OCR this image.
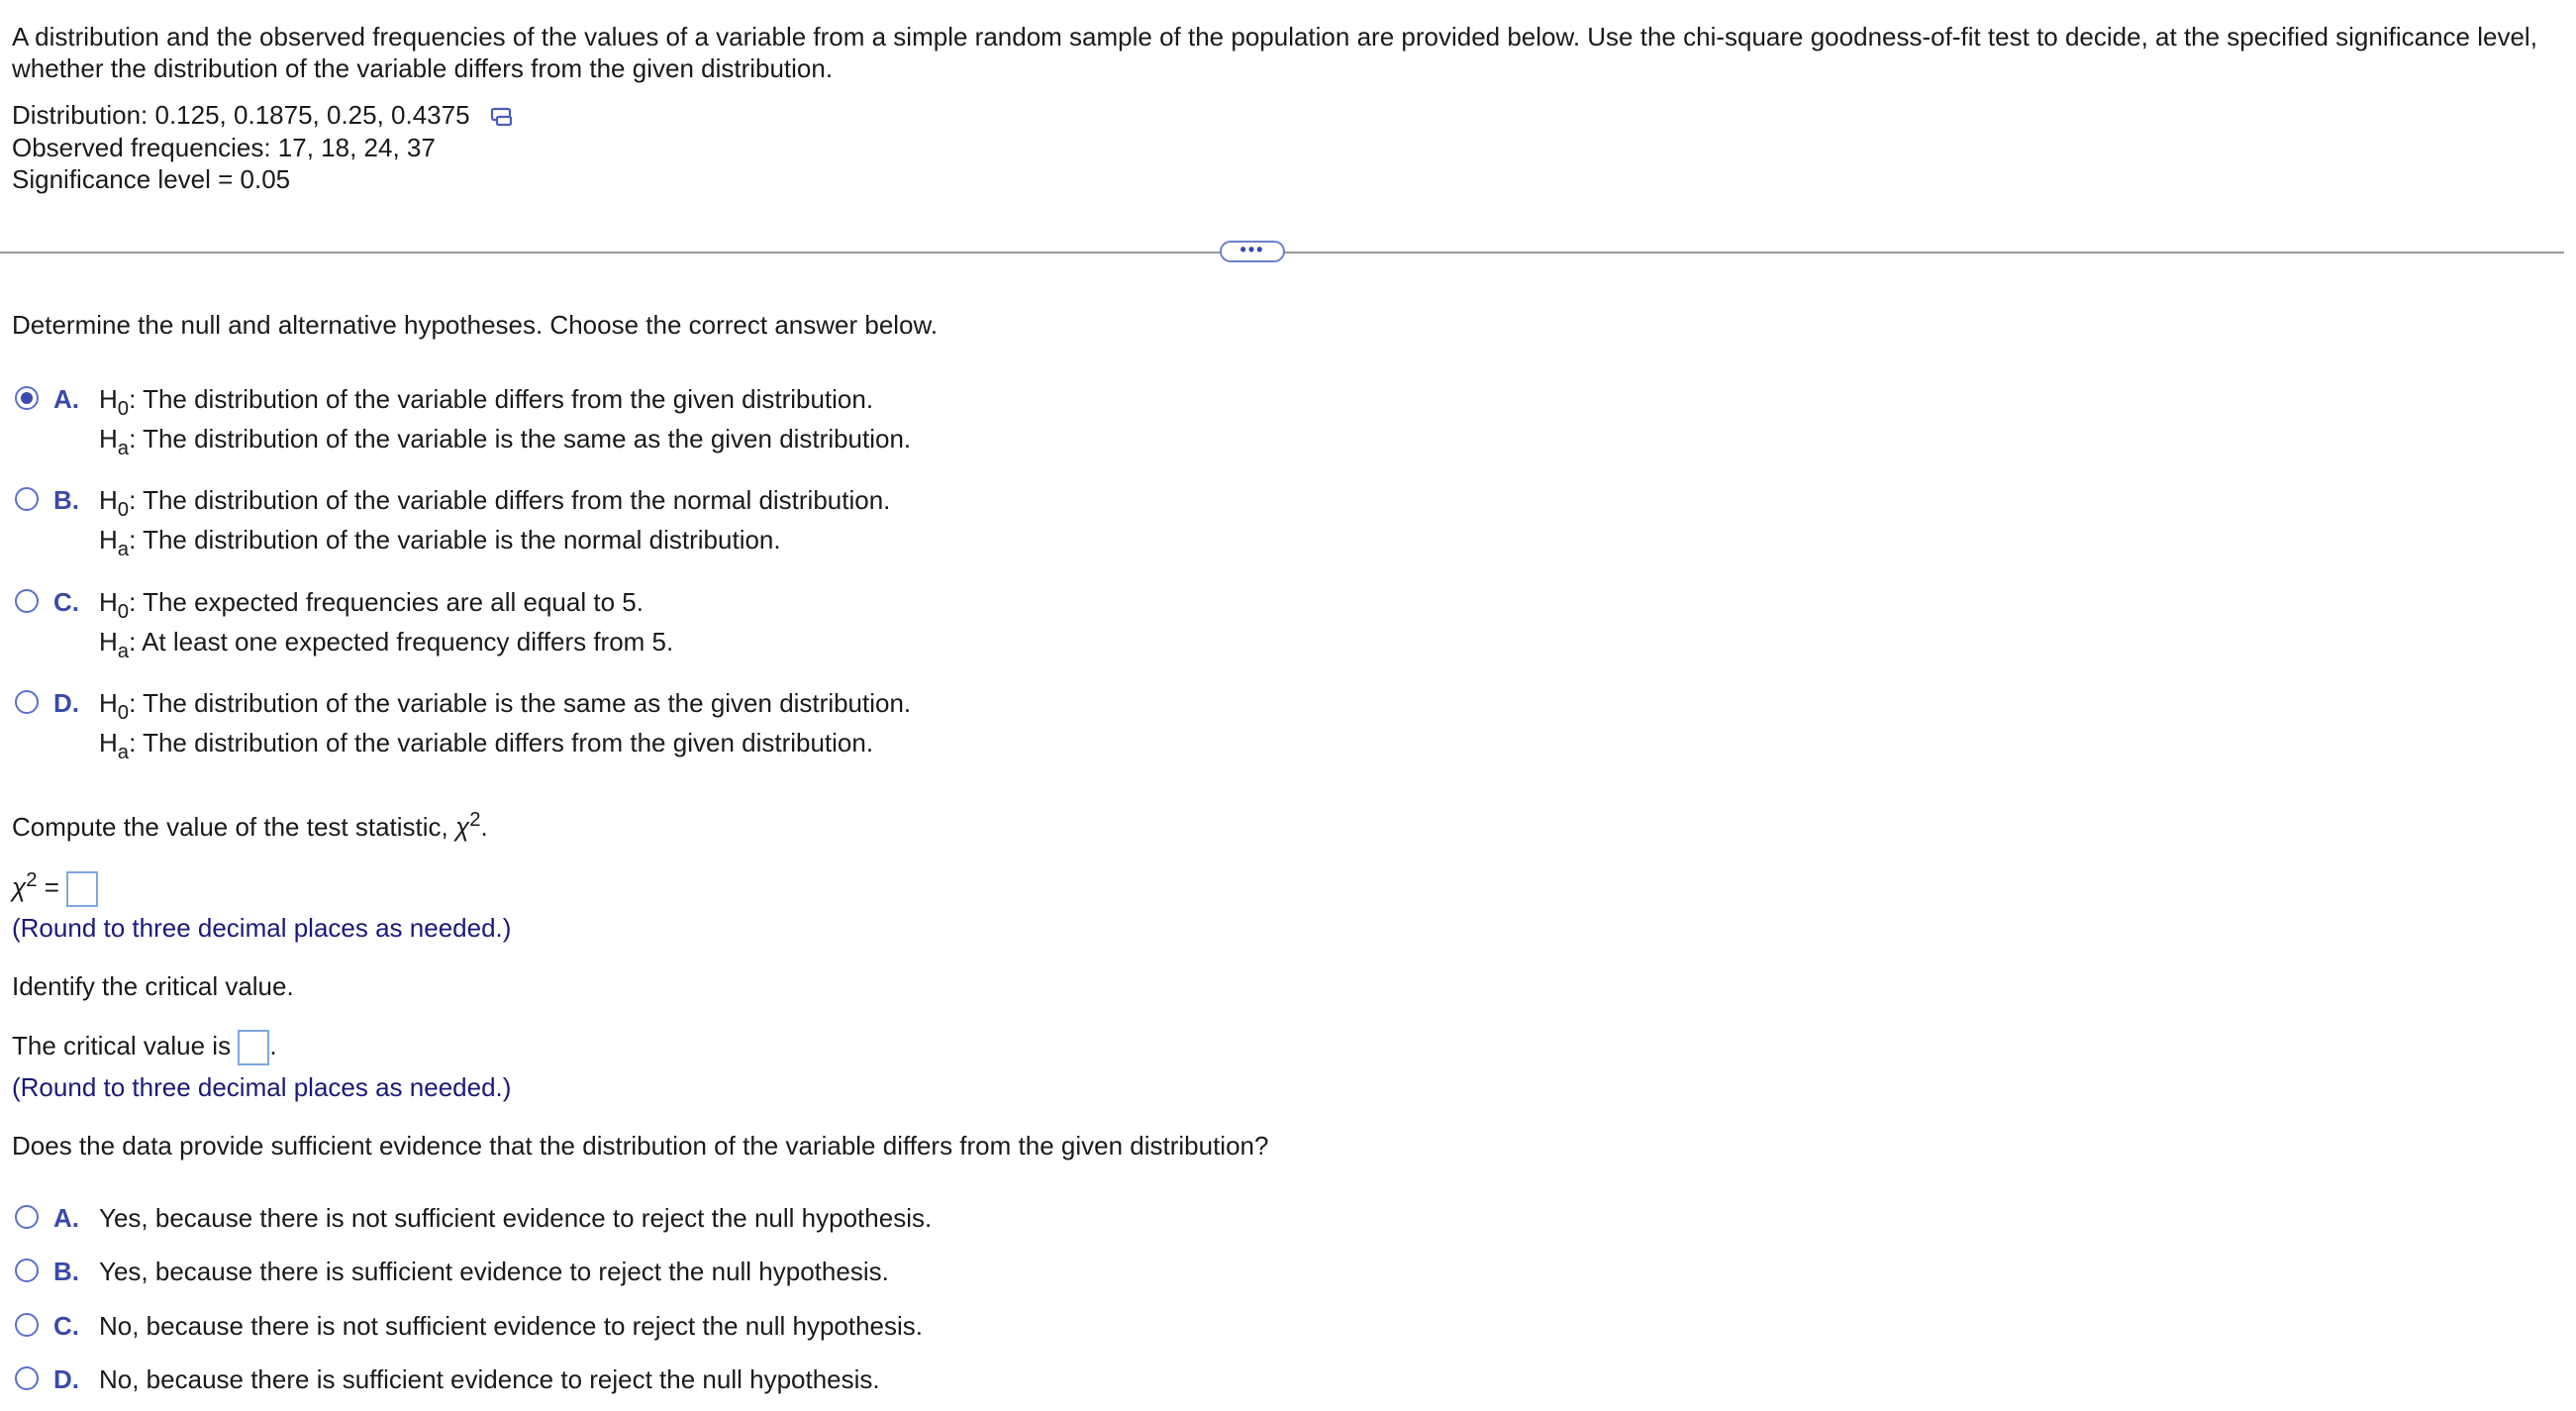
A distribution and the observed frequencies of the values of a variable from a simple random sample of the population are provided below. Use the chi-square goodness-of-fit test to decide, at the specified significance level,
whether the distribution of the variable differs from the given distribution.
Distribution: 0.125, 0.1875, 0.25, 0.4375
Observed frequencies: 17, 18, 24, 37
Significance level = 0.05
•••
Determine the null and alternative hypotheses. Choose the correct answer below.
A. $H_0$: The distribution of the variable differs from the given distribution.
$H_a$: The distribution of the variable is the same as the given distribution.
B. $H_0$: The distribution of the variable differs from the normal distribution.
$H_a$: The distribution of the variable is the normal distribution.
C. $H_0$: The expected frequencies are all equal to 5.
$H_a$: At least one expected frequency differs from 5.
D. $H_0$: The distribution of the variable is the same as the given distribution.
$H_a$: The distribution of the variable differs from the given distribution.
Compute the value of the test statistic, $\chi^2$.
$\chi^2$ =
(Round to three decimal places as needed.)
Identify the critical value.
The critical value is .
(Round to three decimal places as needed.)
Does the data provide sufficient evidence that the distribution of the variable differs from the given distribution?
A. Yes, because there is not sufficient evidence to reject the null hypothesis.
B. Yes, because there is sufficient evidence to reject the null hypothesis.
C. No, because there is not sufficient evidence to reject the null hypothesis.
D. No, because there is sufficient evidence to reject the null hypothesis.
